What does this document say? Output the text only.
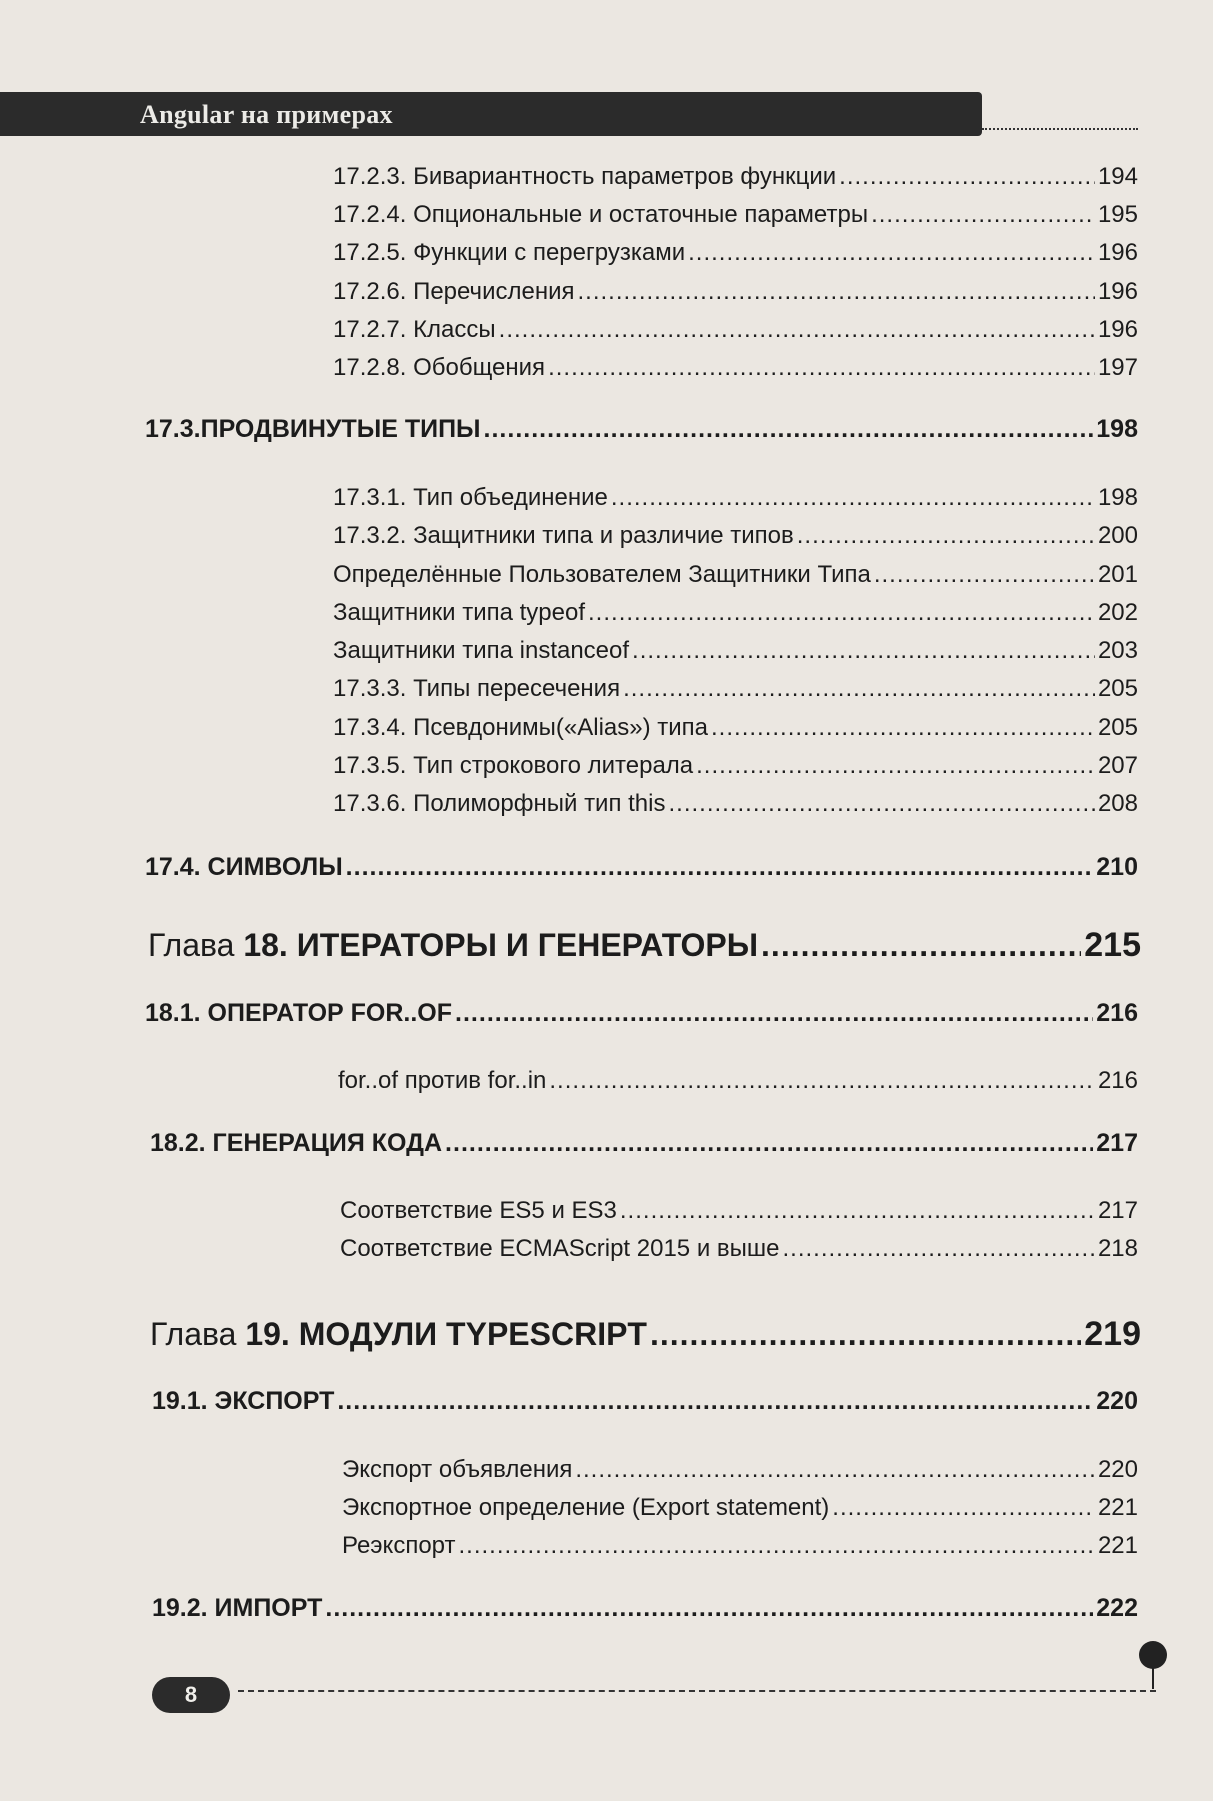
Angular на примерах
17.2.3. Бивариантность параметров функции .....	194
17.2.4. Опциональные и остаточные параметры .....	195
17.2.5. Функции с перегрузками .....	196
17.2.6. Перечисления .....	196
17.2.7. Классы .....	196
17.2.8. Обобщения .....	197
17.3.ПРОДВИНУТЫЕ ТИПЫ .....	198
17.3.1. Тип объединение .....	198
17.3.2. Защитники типа и различие типов .....	200
Определённые Пользователем Защитники Типа .....	201
Защитники типа typeof .....	202
Защитники типа instanceof .....	203
17.3.3. Типы пересечения .....	205
17.3.4. Псевдонимы(«Alias») типа .....	205
17.3.5. Тип строкового литерала .....	207
17.3.6. Полиморфный тип this .....	208
17.4. СИМВОЛЫ .....	210
Глава 18. ИТЕРАТОРЫ И ГЕНЕРАТОРЫ .....	215
18.1. ОПЕРАТОР FOR..OF .....	216
for..of против for..in .....	216
18.2. ГЕНЕРАЦИЯ КОДА .....	217
Соответствие ES5 и ES3 .....	217
Соответствие ECMAScript 2015 и выше .....	218
Глава 19. МОДУЛИ TYPESCRIPT .....	219
19.1. ЭКСПОРТ .....	220
Экспорт объявления .....	220
Экспортное определение (Export statement) .....	221
Реэкспорт .....	221
19.2. ИМПОРТ .....	222
8
